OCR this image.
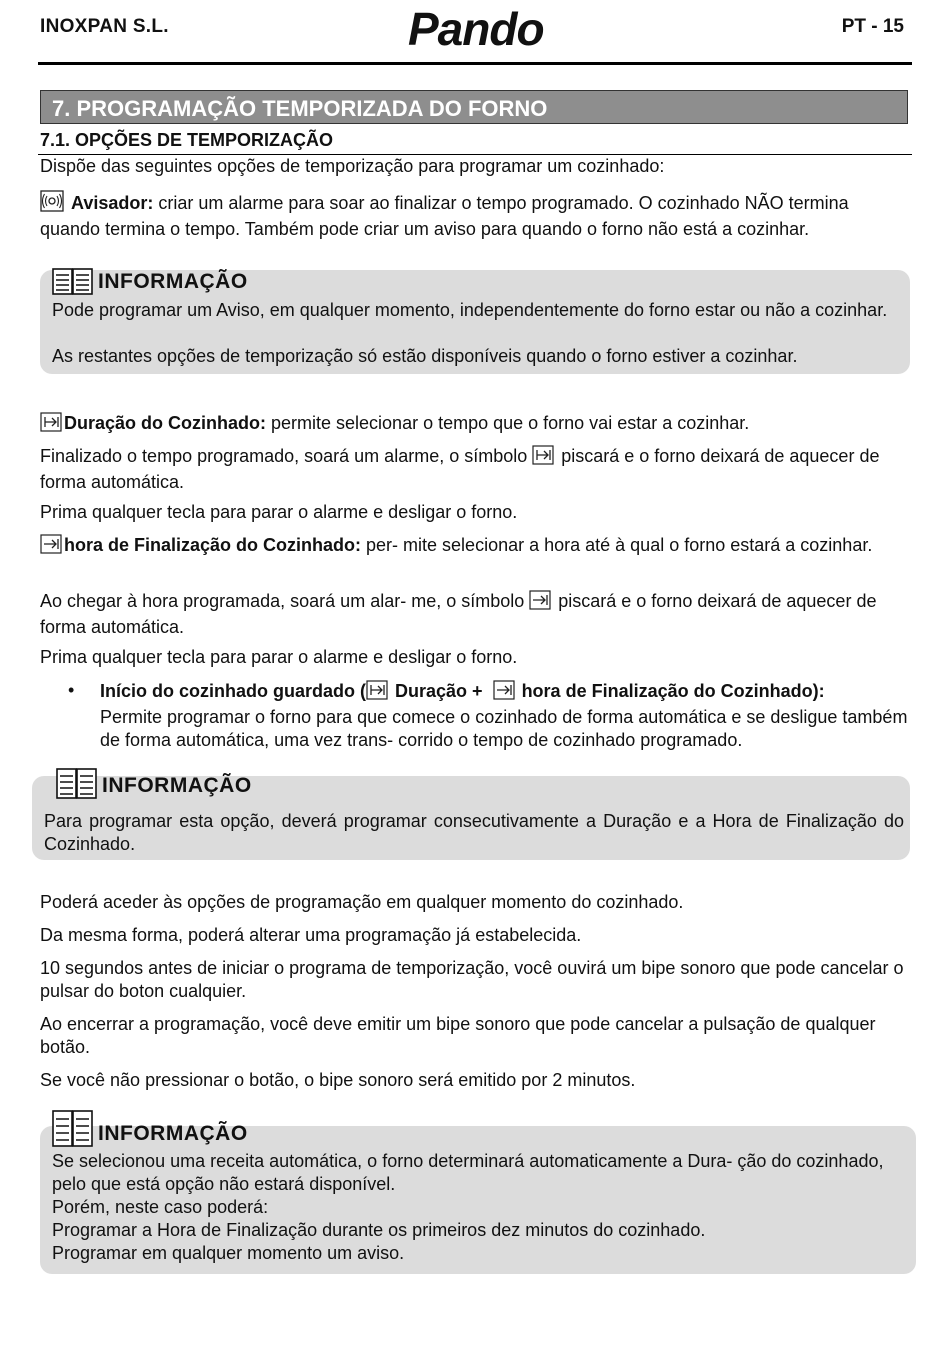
INOXPAN S.L.	Pando	PT - 15
7. PROGRAMAÇÃO TEMPORIZADA DO FORNO
7.1. OPÇÕES DE TEMPORIZAÇÃO

Dispõe das seguintes opções de temporização para programar um cozinhado:

Avisador: criar um alarme para soar ao finalizar o tempo programado. O cozinhado NÃO termina quando termina o tempo. Também pode criar um aviso para quando o forno não está a cozinhar.

INFORMAÇÃO

Pode programar um Aviso, em qualquer momento, independentemente do forno estar ou não a cozinhar.

As restantes opções de temporização só estão disponíveis quando o forno estiver a cozinhar.

Duração do Cozinhado: permite selecionar o tempo que o forno vai estar a cozinhar.

Finalizado o tempo programado, soará um alarme, o símbolo  piscará e o forno deixará de aquecer de forma automática.

Prima qualquer tecla para parar o alarme e desligar o forno.

hora de Finalização do Cozinhado: per- mite selecionar a hora até à qual o forno estará a cozinhar.

Ao chegar à hora programada, soará um alar- me, o símbolo  piscará e o forno deixará de aquecer de forma automática.

Prima qualquer tecla para parar o alarme e desligar o forno.

• Início do cozinhado guardado ( Duração +   hora de Finalização do Cozinhado):
Permite programar o forno para que comece o cozinhado de forma automática e se desligue também de forma automática, uma vez trans- corrido o tempo de cozinhado programado.

INFORMAÇÃO

Para programar esta opção, deverá programar consecutivamente a Duração e a Hora de Finalização do Cozinhado.

Poderá aceder às opções de programação em qualquer momento do cozinhado.

Da mesma forma, poderá alterar uma programação já estabelecida.

10 segundos antes de iniciar o programa de temporização, você ouvirá um bipe sonoro que pode cancelar o pulsar do boton cualquier.

Ao encerrar a programação, você deve emitir um bipe sonoro que pode cancelar a pulsação de qualquer botão.

Se você não pressionar o botão, o bipe sonoro será emitido por 2 minutos.

INFORMAÇÃO

Se selecionou uma receita automática, o forno determinará automaticamente a Dura- ção do cozinhado, pelo que está opção não estará disponível.

Porém, neste caso poderá:

Programar a Hora de Finalização durante os primeiros dez minutos do cozinhado.

Programar em qualquer momento um aviso.
